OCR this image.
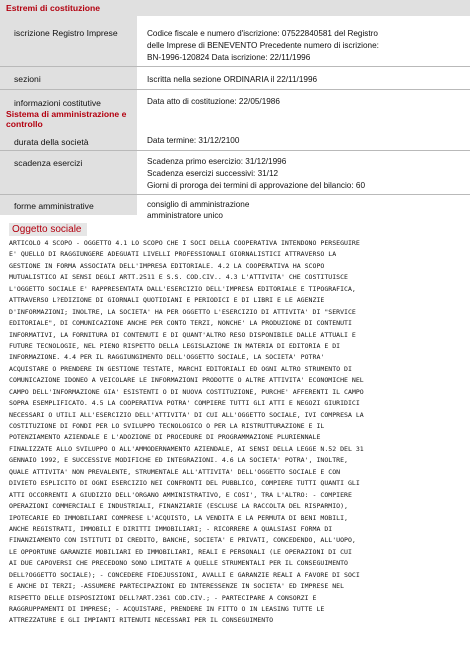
Estremi di costituzione
iscrizione Registro Imprese	Codice fiscale e numero d'iscrizione: 07522840581 del Registro
delle Imprese di BENEVENTO Precedente numero di iscrizione:
BN-1996-120824 Data iscrizione: 22/11/1996
sezioni	Iscritta nella sezione ORDINARIA il 22/11/1996
informazioni costitutive	Data atto di costituzione: 22/05/1986
Sistema di amministrazione e
controllo
durata della società	Data termine: 31/12/2100
scadenza esercizi	Scadenza primo esercizio: 31/12/1996
Scadenza esercizi successivi: 31/12
Giorni di proroga dei termini di approvazione del bilancio: 60
forme amministrative	consiglio di amministrazione
amministratore unico
Oggetto sociale
ARTICOLO 4 SCOPO - OGGETTO 4.1 LO SCOPO CHE I SOCI DELLA COOPERATIVA INTENDONO PERSEGUIRE
E' QUELLO DI RAGGIUNGERE ADEGUATI LIVELLI PROFESSIONALI GIORNALISTICI ATTRAVERSO LA
GESTIONE IN FORMA ASSOCIATA DELL'IMPRESA EDITORIALE. 4.2 LA COOPERATIVA HA SCOPO
MUTUALISTICO AI SENSI DEGLI ARTT.2511 E S.S. COD.CIV.. 4.3 L'ATTIVITA' CHE COSTITUISCE
L'OGGETTO SOCIALE E' RAPPRESENTATA DALL'ESERCIZIO DELL'IMPRESA EDITORIALE E TIPOGRAFICA,
ATTRAVERSO L?EDIZIONE DI GIORNALI QUOTIDIANI E PERIODICI E DI LIBRI E LE AGENZIE
D'INFORMAZIONI; INOLTRE, LA SOCIETA' HA PER OGGETTO L'ESERCIZIO DI ATTIVITA' DI "SERVICE
EDITORIALE", DI COMUNICAZIONE ANCHE PER CONTO TERZI, NONCHE' LA PRODUZIONE DI CONTENUTI
INFORMATIVI, LA FORNITURA DI CONTENUTI E DI QUANT'ALTRO RESO DISPONIBILE DALLE ATTUALI E
FUTURE TECNOLOGIE, NEL PIENO RISPETTO DELLA LEGISLAZIONE IN MATERIA DI EDITORIA E DI
INFORMAZIONE. 4.4 PER IL RAGGIUNGIMENTO DELL'OGGETTO SOCIALE, LA SOCIETA' POTRA'
ACQUISTARE O PRENDERE IN GESTIONE TESTATE, MARCHI EDITORIALI ED OGNI ALTRO STRUMENTO DI
COMUNICAZIONE IDONEO A VEICOLARE LE INFORMAZIONI PRODOTTE O ALTRE ATTIVITA' ECONOMICHE NEL
CAMPO DELL'INFORMAZIONE GIA' ESISTENTI O DI NUOVA COSTITUZIONE, PURCHE' AFFERENTI IL CAMPO
SOPRA ESEMPLIFICATO. 4.5 LA COOPERATIVA POTRA' COMPIERE TUTTI GLI ATTI E NEGOZI GIURIDICI
NECESSARI O UTILI ALL'ESERCIZIO DELL'ATTIVITA' DI CUI ALL'OGGETTO SOCIALE, IVI COMPRESA LA
COSTITUZIONE DI FONDI PER LO SVILUPPO TECNOLOGICO O PER LA RISTRUTTURAZIONE E IL
POTENZIAMENTO AZIENDALE E L'ADOZIONE DI PROCEDURE DI PROGRAMMAZIONE PLURIENNALE
FINALIZZATE ALLO SVILUPPO O ALL'AMMODERNAMENTO AZIENDALE, AI SENSI DELLA LEGGE N.52 DEL 31
GENNAIO 1992, E SUCCESSIVE MODIFICHE ED INTEGRAZIONI. 4.6 LA SOCIETA' POTRA', INOLTRE,
QUALE ATTIVITA' NON PREVALENTE, STRUMENTALE ALL'ATTIVITA' DELL'OGGETTO SOCIALE E CON
DIVIETO ESPLICITO DI OGNI ESERCIZIO NEI CONFRONTI DEL PUBBLICO, COMPIERE TUTTI QUANTI GLI
ATTI OCCORRENTI A GIUDIZIO DELL'ORGANO AMMINISTRATIVO, E COSI', TRA L'ALTRO: - COMPIERE
OPERAZIONI COMMERCIALI E INDUSTRIALI, FINANZIARIE (ESCLUSE LA RACCOLTA DEL RISPARMIO),
IPOTECARIE ED IMMOBILIARI COMPRESE L'ACQUISTO, LA VENDITA E LA PERMUTA DI BENI MOBILI,
ANCHE REGISTRATI, IMMOBILI E DIRITTI IMMOBILIARI; - RICORRERE A QUALSIASI FORMA DI
FINANZIAMENTO CON ISTITUTI DI CREDITO, BANCHE, SOCIETA' E PRIVATI, CONCEDENDO, ALL'UOPO,
LE OPPORTUNE GARANZIE MOBILIARI ED IMMOBILIARI, REALI E PERSONALI (LE OPERAZIONI DI CUI
AI DUE CAPOVERSI CHE PRECEDONO SONO LIMITATE A QUELLE STRUMENTALI PER IL CONSEGUIMENTO
DELL?OGGETTO SOCIALE); - CONCEDERE FIDEJUSSIONI, AVALLI E GARANZIE REALI A FAVORE DI SOCI
E ANCHE DI TERZI; -ASSUMERE PARTECIPAZIONI ED INTERESSENZE IN SOCIETA' ED IMPRESE NEL
RISPETTO DELLE DISPOSIZIONI DELL?ART.2361 COD.CIV.; - PARTECIPARE A CONSORZI E
RAGGRUPPAMENTI DI IMPRESE; - ACQUISTARE, PRENDERE IN FITTO O IN LEASING TUTTE LE
ATTREZZATURE E GLI IMPIANTI RITENUTI NECESSARI PER IL CONSEGUIMENTO
